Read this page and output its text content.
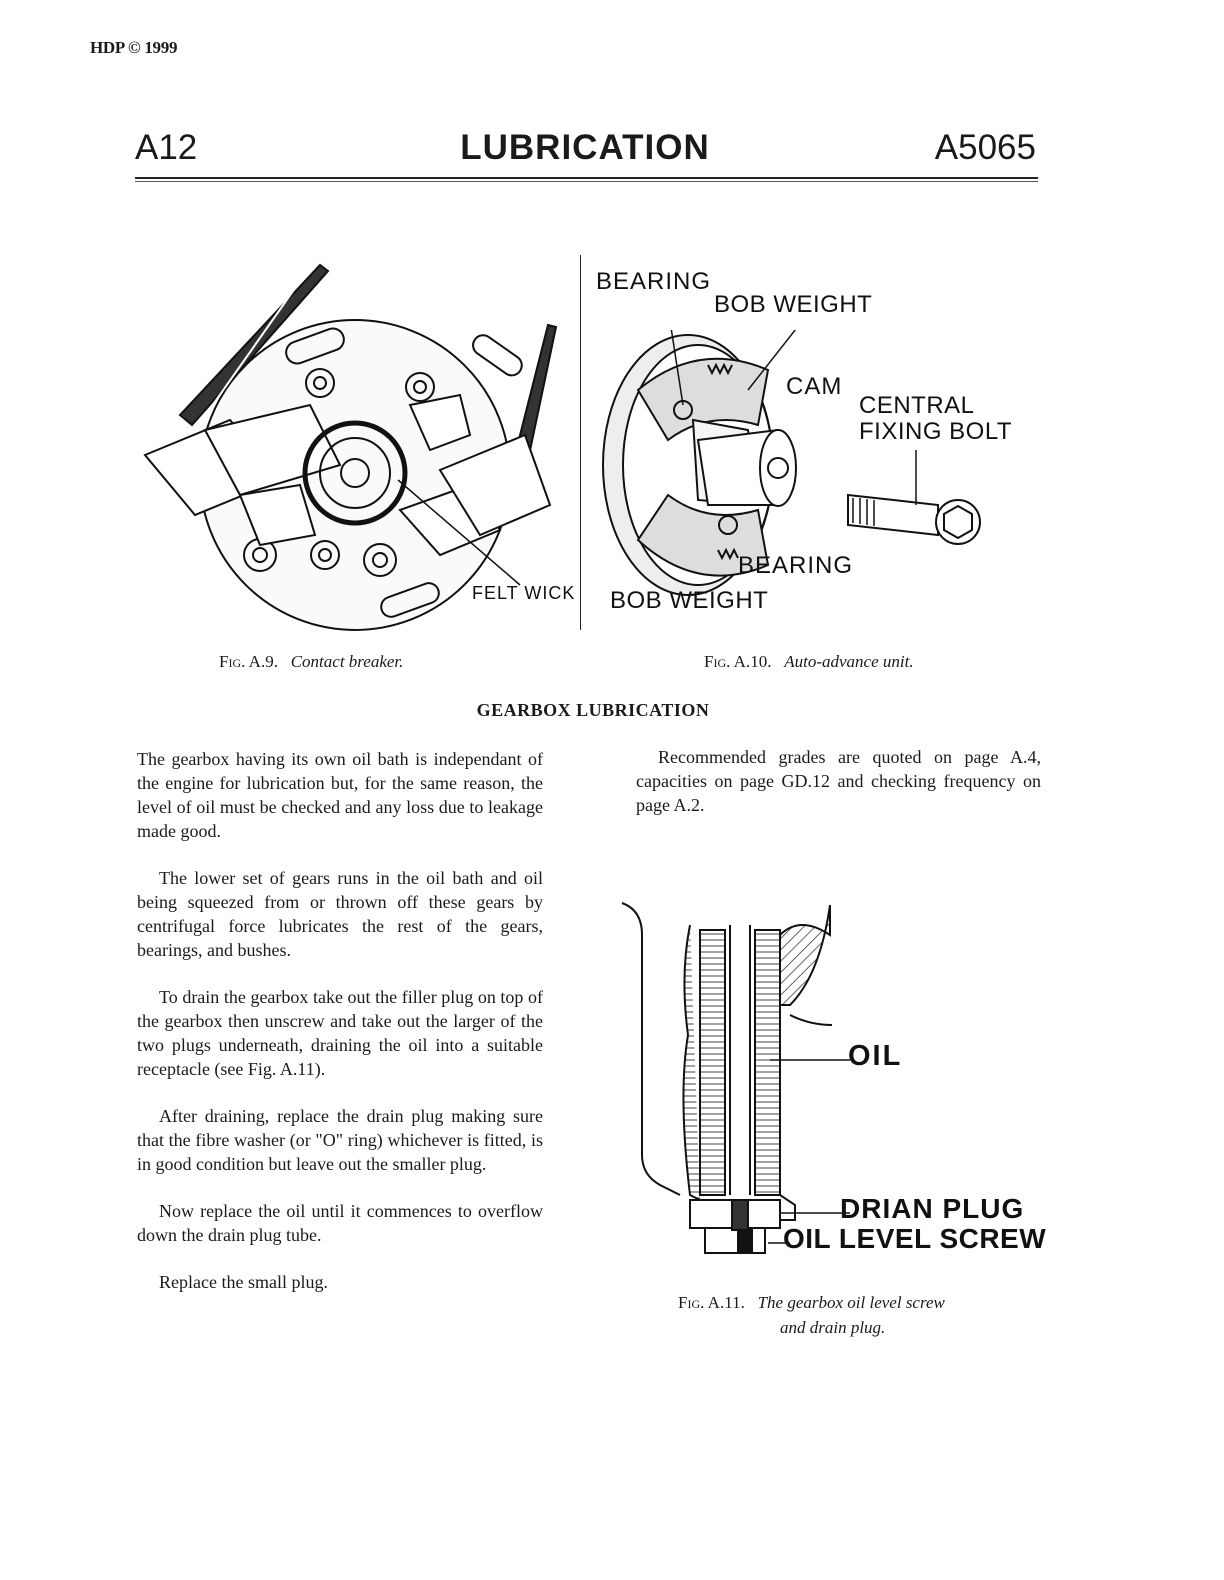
HDP © 1999
A12	LUBRICATION	A5065
FELT WICK
BEARING
BOB WEIGHT
CAM
CENTRAL
FIXING BOLT
BEARING
BOB WEIGHT
Fig. A.9. Contact breaker.	Fig. A.10. Auto-advance unit.
GEARBOX LUBRICATION

The gearbox having its own oil bath is independant of the engine for lubrication but, for the same reason, the level of oil must be checked and any loss due to leakage made good.

The lower set of gears runs in the oil bath and oil being squeezed from or thrown off these gears by centrifugal force lubricates the rest of the gears, bearings, and bushes.

To drain the gearbox take out the filler plug on top of the gearbox then unscrew and take out the larger of the two plugs underneath, draining the oil into a suitable receptacle (see Fig. A.11).

After draining, replace the drain plug making sure that the fibre washer (or "O" ring) whichever is fitted, is in good condition but leave out the smaller plug.

Now replace the oil until it commences to overflow down the drain plug tube.

Replace the small plug.

Recommended grades are quoted on page A.4, capacities on page GD.12 and checking frequency on page A.2.

OIL
DRIAN PLUG
OIL LEVEL SCREW
Fig. A.11. The gearbox oil level screw
and drain plug.
